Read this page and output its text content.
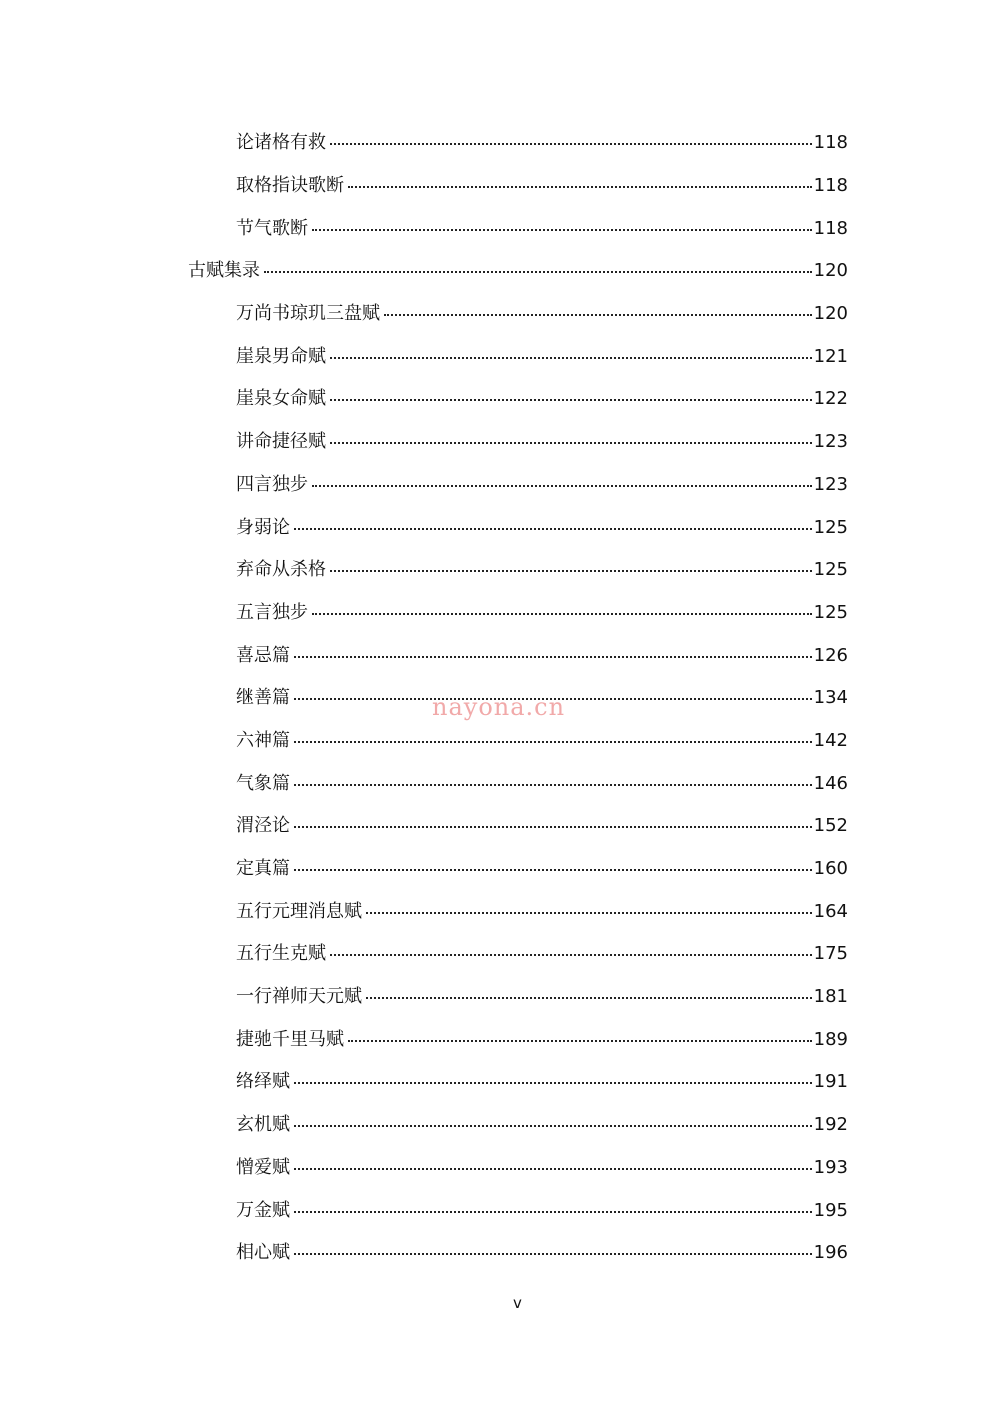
论诸格有救	118
取格指诀歌断	118
节气歌断	118
古赋集录	120
万尚书琼玑三盘赋	120
崖泉男命赋	121
崖泉女命赋	122
讲命捷径赋	123
四言独步	123
身弱论	125
弃命从杀格	125
五言独步	125
喜忌篇	126
继善篇	134
六神篇	142
气象篇	146
渭泾论	152
定真篇	160
五行元理消息赋	164
五行生克赋	175
一行禅师天元赋	181
捷驰千里马赋	189
络绎赋	191
玄机赋	192
憎爱赋	193
万金赋	195
相心赋	196
nayona.cn
v
